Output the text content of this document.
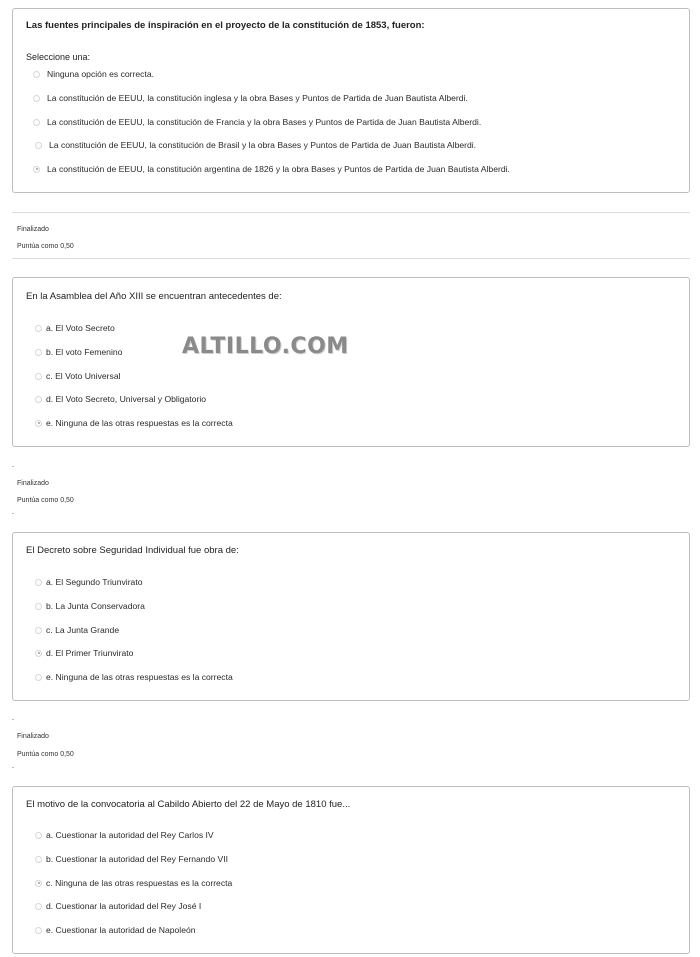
Las fuentes principales de inspiración en el proyecto de la constitución de 1853, fueron:
Seleccione una:
Ninguna opción es correcta.
La constitución de EEUU, la constitución inglesa y la obra Bases y Puntos de Partida de Juan Bautista Alberdi.
La constitución de EEUU, la constitución de Francia y la obra Bases y Puntos de Partida de Juan Bautista Alberdi.
La constitución de EEUU, la constitución de Brasil y la obra Bases y Puntos de Partida de Juan Bautista Alberdi.
La constitución de EEUU, la constitución argentina de 1826 y la obra Bases y Puntos de Partida de Juan Bautista Alberdi.
Finalizado
Puntúa como 0,50
En la Asamblea del Año XIII se encuentran antecedentes de:
a. El Voto Secreto
b. El voto Femenino
c. El Voto Universal
d. El Voto Secreto, Universal y Obligatorio
e. Ninguna de las otras respuestas es la correcta
ALTILLO.COM
Finalizado
Puntúa como 0,50
El Decreto sobre Seguridad Individual fue obra de:
a. El Segundo Triunvirato
b. La Junta Conservadora
c. La Junta Grande
d. El Primer Triunvirato
e. Ninguna de las otras respuestas es la correcta
Finalizado
Puntúa como 0,50
El motivo de la convocatoria al Cabildo Abierto del 22 de Mayo de 1810 fue...
a. Cuestionar la autoridad del Rey Carlos IV
b. Cuestionar la autoridad del Rey Fernando VII
c. Ninguna de las otras respuestas es la correcta
d. Cuestionar la autoridad del Rey José I
e. Cuestionar la autoridad de Napoleón
